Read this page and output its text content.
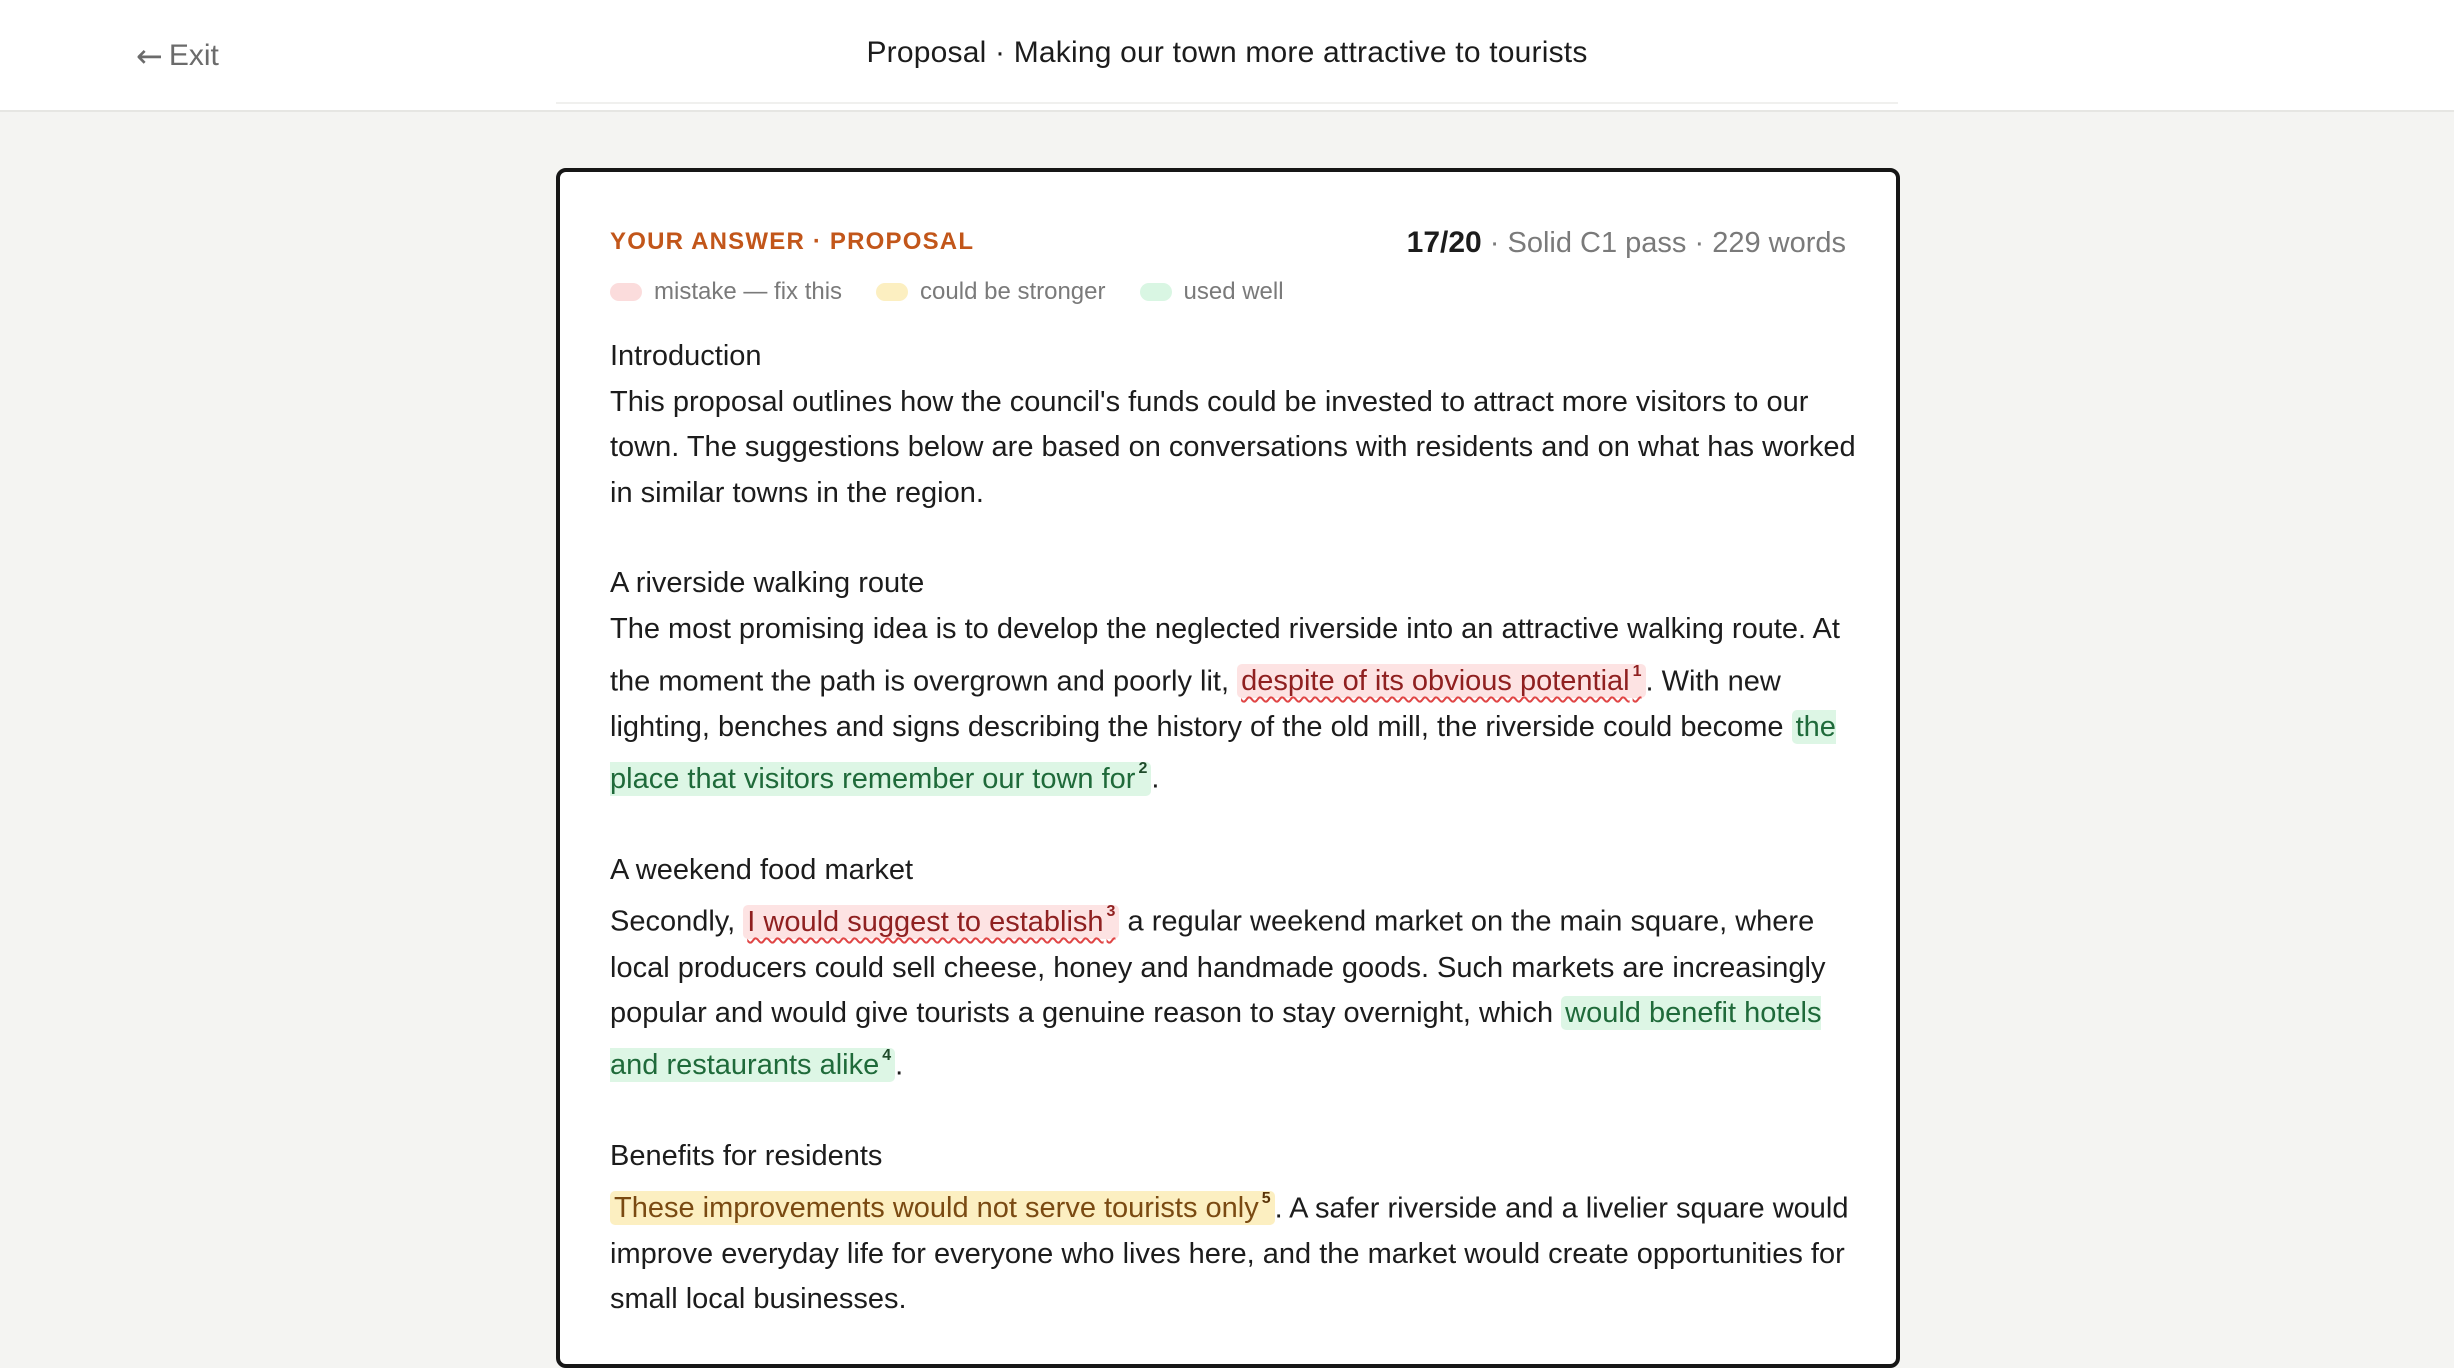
← Exit	Proposal · Making our town more attractive to tourists
YOUR ANSWER · PROPOSAL	17/20 · Solid C1 pass · 229 words
mistake — fix this	could be stronger	used well
Introduction
This proposal outlines how the council's funds could be invested to attract more visitors to our town. The suggestions below are based on conversations with residents and on what has worked in similar towns in the region.
A riverside walking route
The most promising idea is to develop the neglected riverside into an attractive walking route. At the moment the path is overgrown and poorly lit, despite of its obvious potential $^1$ . With new lighting, benches and signs describing the history of the old mill, the riverside could become the place that visitors remember our town for $^2$ .
A weekend food market
Secondly, I would suggest to establish $^3$ a regular weekend market on the main square, where local producers could sell cheese, honey and handmade goods. Such markets are increasingly popular and would give tourists a genuine reason to stay overnight, which would benefit hotels and restaurants alike $^4$ .
Benefits for residents
These improvements would not serve tourists only $^5$ . A safer riverside and a livelier square would improve everyday life for everyone who lives here, and the market would create opportunities for small local businesses.
